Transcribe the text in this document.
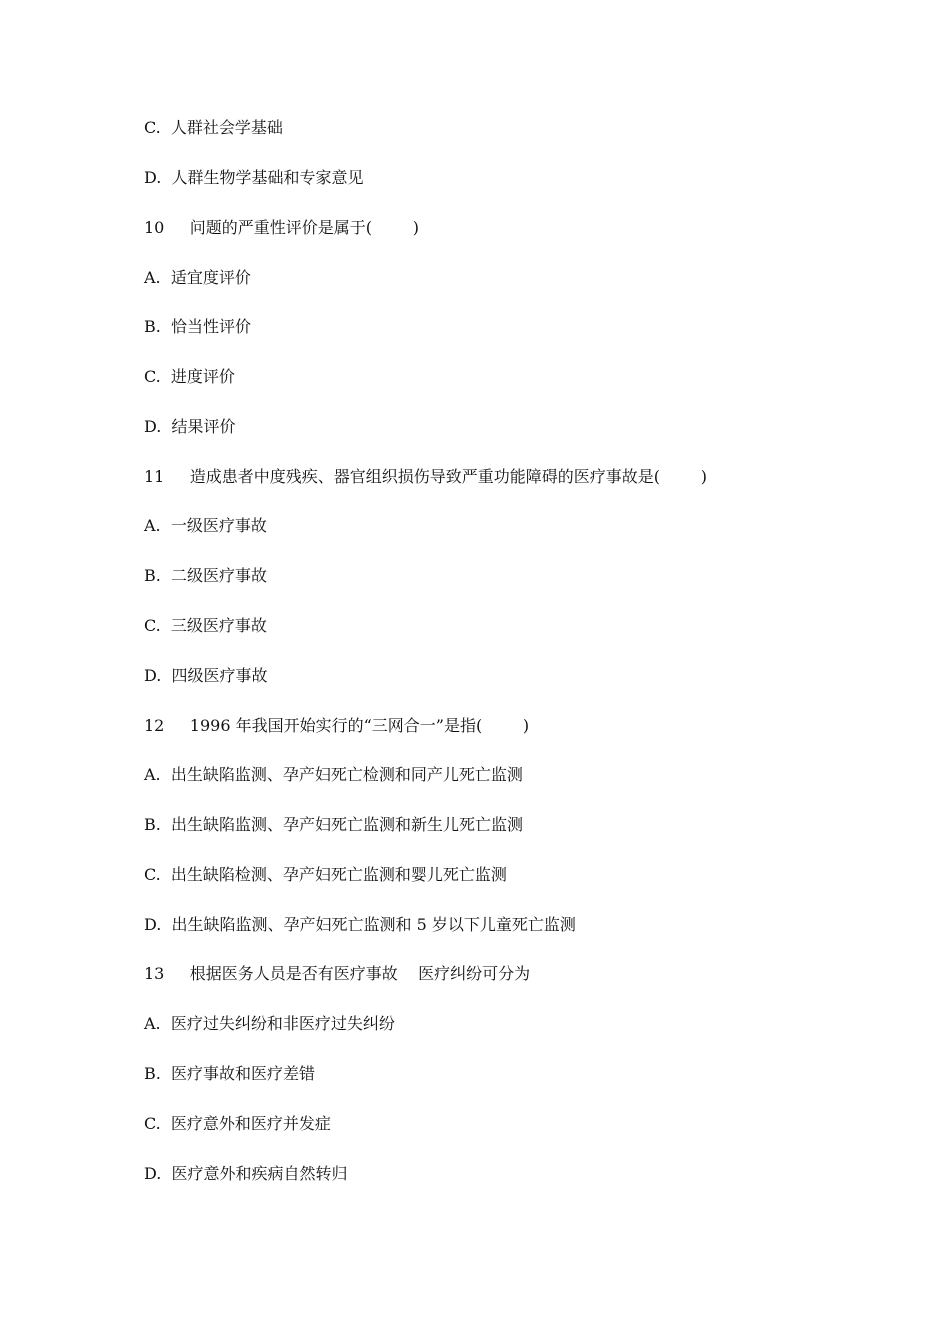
C.  人群社会学基础
D.  人群生物学基础和专家意见
10     问题的严重性评价是属于(        )
A.  适宜度评价
B.  恰当性评价
C.  进度评价
D.  结果评价
11     造成患者中度残疾、器官组织损伤导致严重功能障碍的医疗事故是(        )
A.  一级医疗事故
B.  二级医疗事故
C.  三级医疗事故
D.  四级医疗事故
12     1996 年我国开始实行的“三网合一”是指(        )
A.  出生缺陷监测、孕产妇死亡检测和同产儿死亡监测
B.  出生缺陷监测、孕产妇死亡监测和新生儿死亡监测
C.  出生缺陷检测、孕产妇死亡监测和婴儿死亡监测
D.  出生缺陷监测、孕产妇死亡监测和 5 岁以下儿童死亡监测
13     根据医务人员是否有医疗事故    医疗纠纷可分为
A.  医疗过失纠纷和非医疗过失纠纷
B.  医疗事故和医疗差错
C.  医疗意外和医疗并发症
D.  医疗意外和疾病自然转归
